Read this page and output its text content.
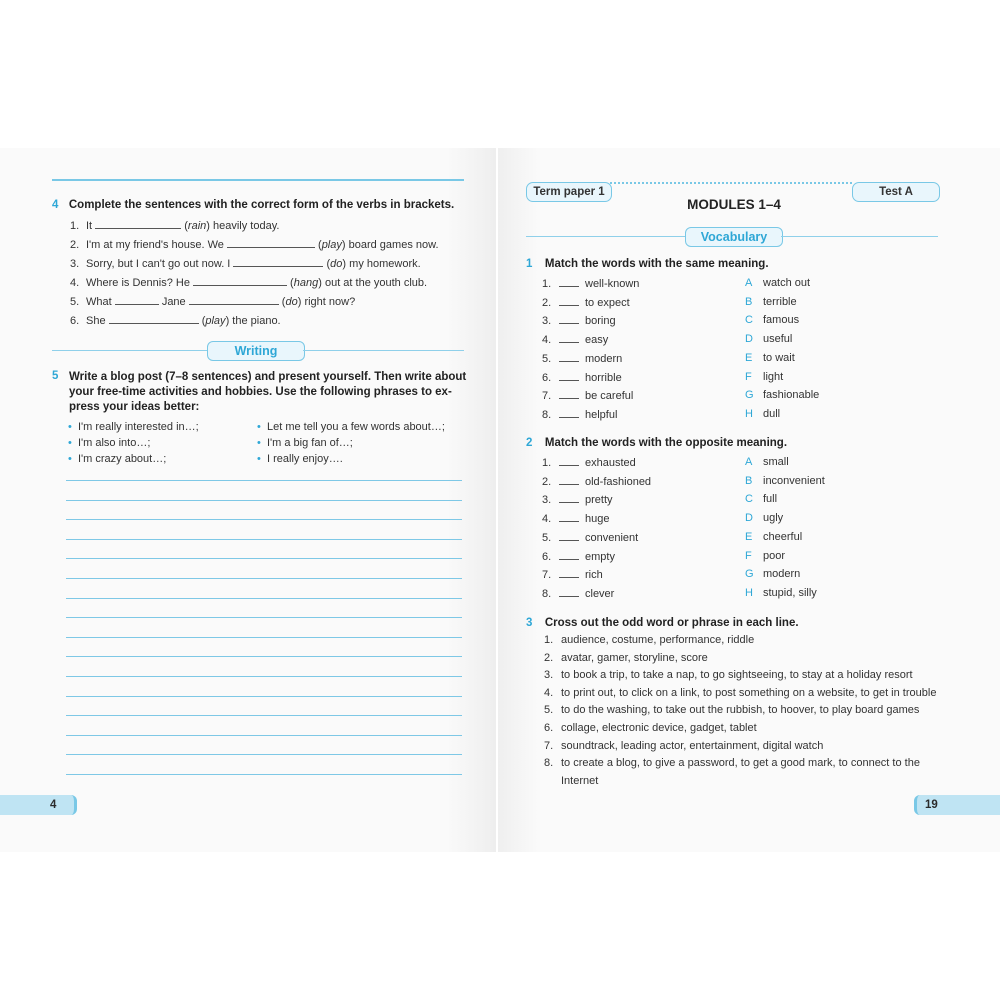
4 Complete the sentences with the correct form of the verbs in brackets.
Writing
5 Write a blog post (7–8 sentences) and present yourself. Then write about
your free-time activities and hobbies. Use the following phrases to ex-
press your ideas better:
• I'm really interested in…;
• I'm also into…;
• I'm crazy about…;
• Let me tell you a few words about…;
• I'm a big fan of…;
• I really enjoy….
4
1. It	(rain) heavily today.
2. I'm at my friend's house. We	(play) board games now.
3. Sorry, but I can't go out now. I	(do) my homework.
4. Where is Dennis? He	(hang) out at the youth club.
5. What	Jane	(do) right now?
6. She	(play) the piano.
Term paper 1	Test A
MODULES 1–4
Vocabulary
1 Match the words with the same meaning.
2 Match the words with the opposite meaning.
3 Cross out the odd word or phrase in each line.
19
1.	well-known	A watch out
2.	to expect	B terrible
3.	boring	C famous
4.	easy	D useful
5.	modern	E to wait
6.	horrible	F light
7.	be careful	G fashionable
8.	helpful	H dull
1.	exhausted	A small
2.	old-fashioned	B inconvenient
3.	pretty	C full
4.	huge	D ugly
5.	convenient	E cheerful
6.	empty	F poor
7.	rich	G modern
8.	clever	H stupid, silly
1. audience, costume, performance, riddle
2. avatar, gamer, storyline, score
3. to book a trip, to take a nap, to go sightseeing, to stay at a holiday resort
4. to print out, to click on a link, to post something on a website, to get in trouble
5. to do the washing, to take out the rubbish, to hoover, to play board games
6. collage, electronic device, gadget, tablet
7. soundtrack, leading actor, entertainment, digital watch
8. to create a blog, to give a password, to get a good mark, to connect to the
Internet
